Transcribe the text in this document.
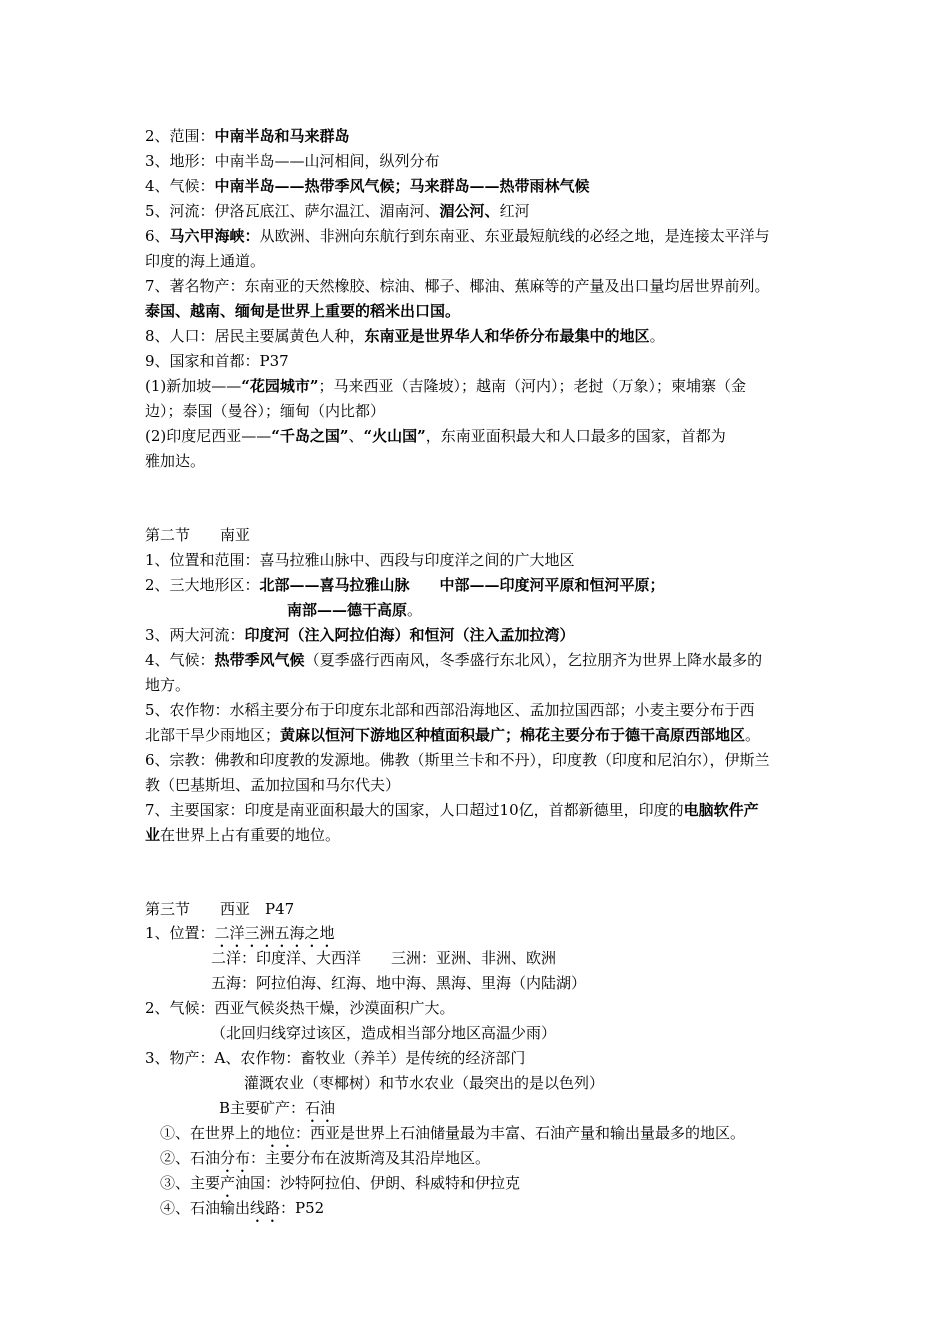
2、范围：中南半岛和马来群岛
3、地形：中南半岛——山河相间，纵列分布
4、气候：中南半岛——热带季风气候；马来群岛——热带雨林气候
5、河流：伊洛瓦底江、萨尔温江、湄南河、湄公河、红河
6、马六甲海峡：从欧洲、非洲向东航行到东南亚、东亚最短航线的必经之地，是连接太平洋与
印度的海上通道。
7、著名物产：东南亚的天然橡胶、棕油、椰子、椰油、蕉麻等的产量及出口量均居世界前列。
泰国、越南、缅甸是世界上重要的稻米出口国。
8、人口：居民主要属黄色人种，东南亚是世界华人和华侨分布最集中的地区。
9、国家和首都：P37
(1)新加坡——“花园城市”；马来西亚（吉隆坡）；越南（河内）；老挝（万象）；柬埔寨（金
边）；泰国（曼谷）；缅甸（内比都）
(2)印度尼西亚——“千岛之国”、“火山国”，东南亚面积最大和人口最多的国家，首都为
雅加达。
第二节　　南亚
1、位置和范围：喜马拉雅山脉中、西段与印度洋之间的广大地区
2、三大地形区：北部——喜马拉雅山脉　　中部——印度河平原和恒河平原；
南部——德干高原。
3、两大河流：印度河（注入阿拉伯海）和恒河（注入孟加拉湾）
4、气候：热带季风气候（夏季盛行西南风，冬季盛行东北风），乞拉朋齐为世界上降水最多的
地方。
5、农作物：水稻主要分布于印度东北部和西部沿海地区、孟加拉国西部；小麦主要分布于西
北部干旱少雨地区；黄麻以恒河下游地区种植面积最广；棉花主要分布于德干高原西部地区。
6、宗教：佛教和印度教的发源地。佛教（斯里兰卡和不丹），印度教（印度和尼泊尔），伊斯兰
教（巴基斯坦、孟加拉国和马尔代夫）
7、主要国家：印度是南亚面积最大的国家，人口超过10亿，首都新德里，印度的电脑软件产
业在世界上占有重要的地位。
第三节　　西亚　P47
1、位置：二洋三洲五海之地
二洋：印度洋、大西洋　　三洲：亚洲、非洲、欧洲
五海：阿拉伯海、红海、地中海、黑海、里海（内陆湖）
2、气候：西亚气候炎热干燥，沙漠面积广大。
（北回归线穿过该区，造成相当部分地区高温少雨）
3、物产：A、农作物：畜牧业（养羊）是传统的经济部门
灌溉农业（枣椰树）和节水农业（最突出的是以色列）
B主要矿产：石油
①、在世界上的地位：西亚是世界上石油储量最为丰富、石油产量和输出量最多的地区。
②、石油分布：主要分布在波斯湾及其沿岸地区。
③、主要产油国：沙特阿拉伯、伊朗、科威特和伊拉克
④、石油输出线路：P52
